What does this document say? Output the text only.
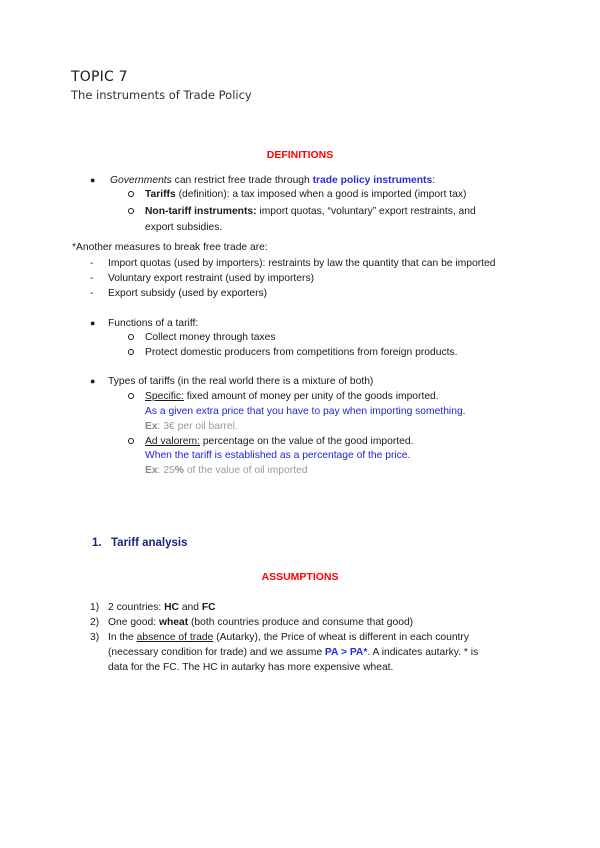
TOPIC 7
The instruments of Trade Policy
DEFINITIONS
● Governments can restrict free trade through trade policy instruments:
Tariffs (definition): a tax imposed when a good is imported (import tax)
Non-tariff instruments: import quotas, “voluntary” export restraints, and
export subsidies.
*Another measures to break free trade are:
- Import quotas (used by importers): restraints by law the quantity that can be imported
- Voluntary export restraint (used by importers)
- Export subsidy (used by exporters)
● Functions of a tariff:
Collect money through taxes
Protect domestic producers from competitions from foreign products.
● Types of tariffs (in the real world there is a mixture of both)
Specific: fixed amount of money per unity of the goods imported.
As a given extra price that you have to pay when importing something.
Ex: 3€ per oil barrel.
Ad valorem: percentage on the value of the good imported.
When the tariff is established as a percentage of the price.
Ex: 25% of the value of oil imported
1. Tariff analysis
ASSUMPTIONS
1) 2 countries: HC and FC
2) One good: wheat (both countries produce and consume that good)
3) In the absence of trade (Autarky), the Price of wheat is different in each country
(necessary condition for trade) and we assume PA > PA*. A indicates autarky. * is
data for the FC. The HC in autarky has more expensive wheat.
